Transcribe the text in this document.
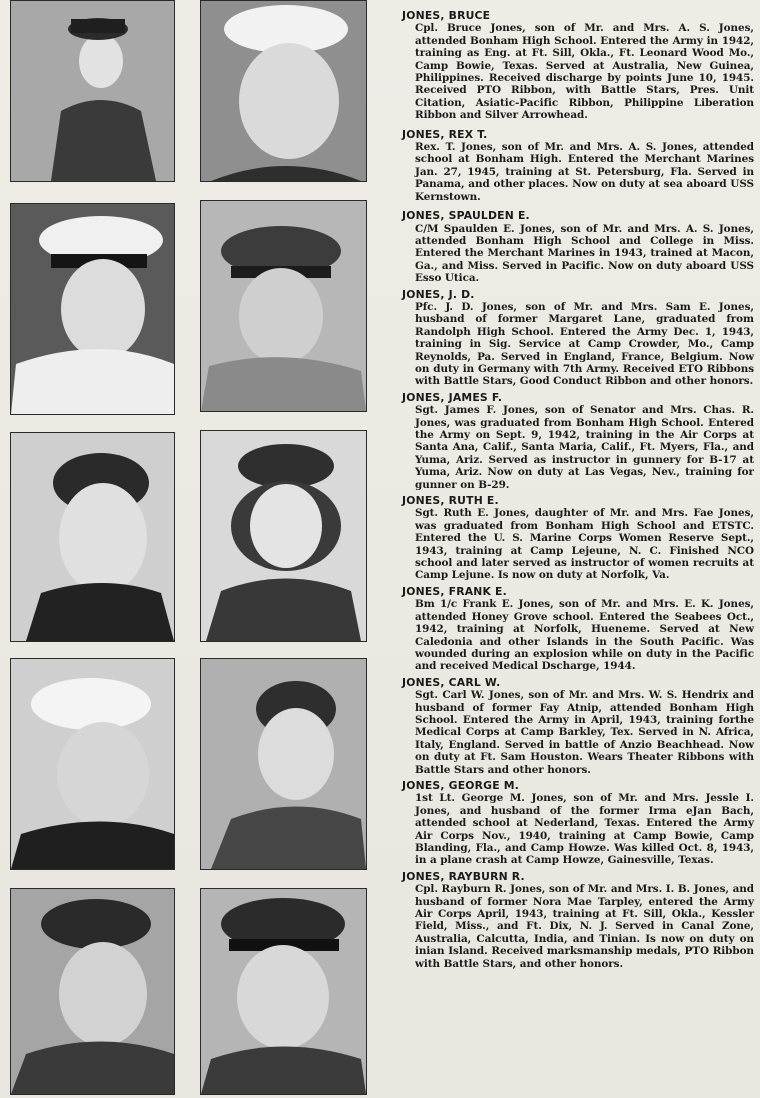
JONES, BRUCE
Cpl. Bruce Jones, son of Mr. and Mrs. A. S. Jones, attended Bonham High School. Entered the Army in 1942, training as Eng. at Ft. Sill, Okla., Ft. Leonard Wood Mo., Camp Bowie, Texas. Served at Australia, New Guinea, Philippines. Received discharge by points June 10, 1945. Received PTO Ribbon, with Battle Stars, Pres. Unit Citation, Asiatic-Pacific Ribbon, Philippine Liberation Ribbon and Silver Arrowhead.
JONES, REX T.
Rex. T. Jones, son of Mr. and Mrs. A. S. Jones, attended school at Bonham High. Entered the Merchant Marines Jan. 27, 1945, training at St. Petersburg, Fla. Served in Panama, and other places. Now on duty at sea aboard USS Kernstown.
JONES, SPAULDEN E.
C/M Spaulden E. Jones, son of Mr. and Mrs. A. S. Jones, attended Bonham High School and College in Miss. Entered the Merchant Marines in 1943, trained at Macon, Ga., and Miss. Served in Pacific. Now on duty aboard USS Esso Utica.
JONES, J. D.
Pfc. J. D. Jones, son of Mr. and Mrs. Sam E. Jones, husband of former Margaret Lane, graduated from Randolph High School. Entered the Army Dec. 1, 1943, training in Sig. Service at Camp Crowder, Mo., Camp Reynolds, Pa. Served in England, France, Belgium. Now on duty in Germany with 7th Army. Received ETO Ribbons with Battle Stars, Good Conduct Ribbon and other honors.
JONES, JAMES F.
Sgt. James F. Jones, son of Senator and Mrs. Chas. R. Jones, was graduated from Bonham High School. Entered the Army on Sept. 9, 1942, training in the Air Corps at Santa Ana, Calif., Santa Maria, Calif., Ft. Myers, Fla., and Yuma, Ariz. Served as instructor in gunnery for B-17 at Yuma, Ariz. Now on duty at Las Vegas, Nev., training for gunner on B-29.
JONES, RUTH E.
Sgt. Ruth E. Jones, daughter of Mr. and Mrs. Fae Jones, was graduated from Bonham High School and ETSTC. Entered the U. S. Marine Corps Women Reserve Sept., 1943, training at Camp Lejeune, N. C. Finished NCO school and later served as instructor of women recruits at Camp Lejune. Is now on duty at Norfolk, Va.
JONES, FRANK E.
Bm 1/c Frank E. Jones, son of Mr. and Mrs. E. K. Jones, attended Honey Grove school. Entered the Seabees Oct., 1942, training at Norfolk, Hueneme. Served at New Caledonia and other Islands in the South Pacific. Was wounded during an explosion while on duty in the Pacific and received Medical Dscharge, 1944.
JONES, CARL W.
Sgt. Carl W. Jones, son of Mr. and Mrs. W. S. Hendrix and husband of former Fay Atnip, attended Bonham High School. Entered the Army in April, 1943, training forthe Medical Corps at Camp Barkley, Tex. Served in N. Africa, Italy, England. Served in battle of Anzio Beachhead. Now on duty at Ft. Sam Houston. Wears Theater Ribbons with Battle Stars and other honors.
JONES, GEORGE M.
1st Lt. George M. Jones, son of Mr. and Mrs. Jessle I. Jones, and husband of the former Irma eJan Bach, attended school at Nederland, Texas. Entered the Army Air Corps Nov., 1940, training at Camp Bowie, Camp Blanding, Fla., and Camp Howze. Was killed Oct. 8, 1943, in a plane crash at Camp Howze, Gainesville, Texas.
JONES, RAYBURN R.
Cpl. Rayburn R. Jones, son of Mr. and Mrs. I. B. Jones, and husband of former Nora Mae Tarpley, entered the Army Air Corps April, 1943, training at Ft. Sill, Okla., Kessler Field, Miss., and Ft. Dix, N. J. Served in Canal Zone, Australia, Calcutta, India, and Tinian. Is now on duty on inian Island. Received marksmanship medals, PTO Ribbon with Battle Stars, and other honors.
